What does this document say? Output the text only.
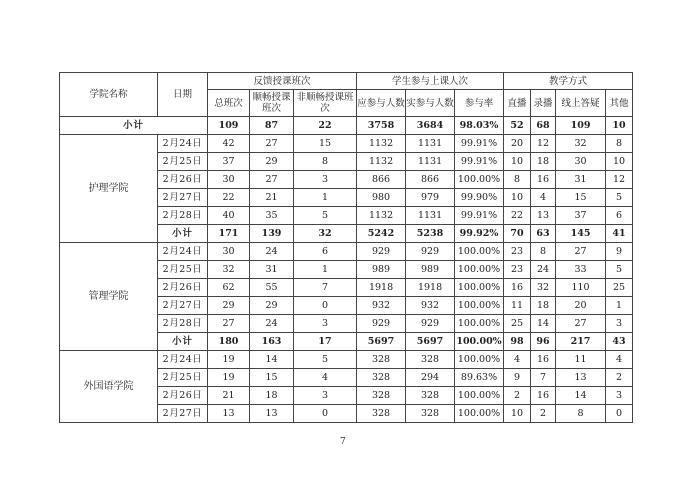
学院名称	日期	反馈授课班次			学生参与上课人次			教学方式			
		总班次	顺畅授课班次	非顺畅授课班次	应参与人数	实参与人数	参与率	直播	录播	线上答疑	其他
小计		109	87	22	3758	3684	98.03%	52	68	109	10
护理学院	2月24日	42	27	15	1132	1131	99.91%	20	12	32	8
	2月25日	37	29	8	1132	1131	99.91%	10	18	30	10
	2月26日	30	27	3	866	866	100.00%	8	16	31	12
	2月27日	22	21	1	980	979	99.90%	10	4	15	5
	2月28日	40	35	5	1132	1131	99.91%	22	13	37	6
	小计	171	139	32	5242	5238	99.92%	70	63	145	41
管理学院	2月24日	30	24	6	929	929	100.00%	23	8	27	9
	2月25日	32	31	1	989	989	100.00%	23	24	33	5
	2月26日	62	55	7	1918	1918	100.00%	16	32	110	25
	2月27日	29	29	0	932	932	100.00%	11	18	20	1
	2月28日	27	24	3	929	929	100.00%	25	14	27	3
	小计	180	163	17	5697	5697	100.00%	98	96	217	43
外国语学院	2月24日	19	14	5	328	328	100.00%	4	16	11	4
	2月25日	19	15	4	328	294	89.63%	9	7	13	2
	2月26日	21	18	3	328	328	100.00%	2	16	14	3
	2月27日	13	13	0	328	328	100.00%	10	2	8	0
7
